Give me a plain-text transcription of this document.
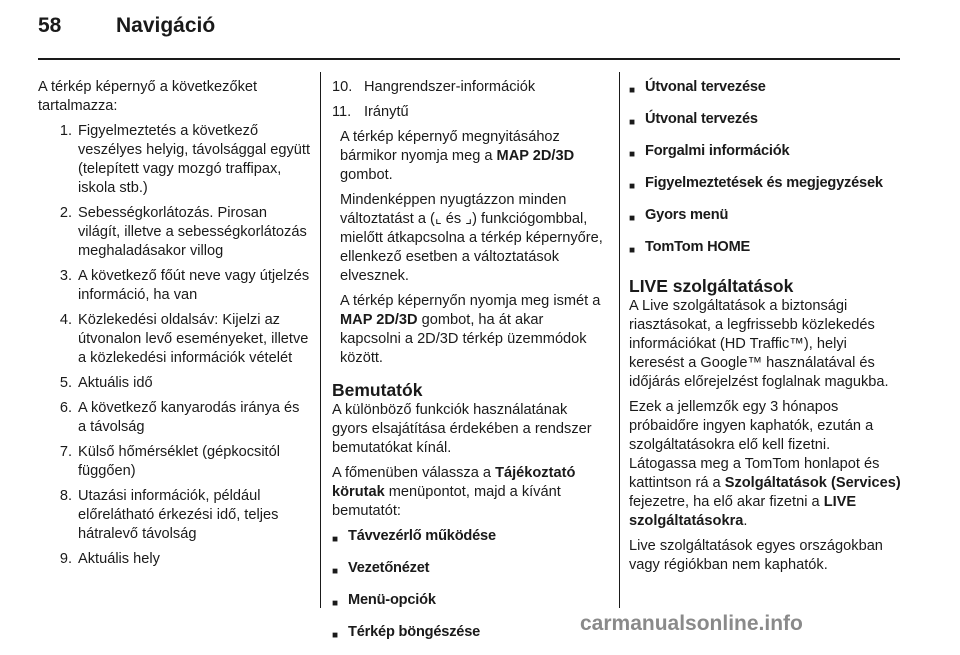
58	Navigáció

A térkép képernyő a következőket tartalmazza:

1. Figyelmeztetés a következő veszélyes helyig, távolsággal együtt (telepített vagy mozgó traffipax, iskola stb.)
2. Sebességkorlátozás. Pirosan világít, illetve a sebességkorlátozás meghaladásakor villog
3. A következő főút neve vagy útjelzés információ, ha van
4. Közlekedési oldalsáv: Kijelzi az útvonalon levő eseményeket, illetve a közlekedési információk vételét
5. Aktuális idő
6. A következő kanyarodás iránya és a távolság
7. Külső hőmérséklet (gépkocsitól függően)
8. Utazási információk, például előrelátható érkezési idő, teljes hátralevő távolság
9. Aktuális hely
10. Hangrendszer-információk
11. Iránytű

A térkép képernyő megnyitásához bármikor nyomja meg a MAP 2D/3D gombot.

Mindenképpen nyugtázzon minden változtatást a (⌞ és ⌟) funkciógombbal, mielőtt átkapcsolna a térkép képernyőre, ellenkező esetben a változtatások elvesznek.

A térkép képernyőn nyomja meg ismét a MAP 2D/3D gombot, ha át akar kapcsolni a 2D/3D térkép üzemmódok között.

Bemutatók

A különböző funkciók használatának gyors elsajátítása érdekében a rendszer bemutatókat kínál.

A főmenüben válassza a Tájékoztató körutak menüpontot, majd a kívánt bemutatót:

■ Távvezérlő működése
■ Vezetőnézet
■ Menü-opciók
■ Térkép böngészése
■ Útvonal tervezése
■ Útvonal tervezés
■ Forgalmi információk
■ Figyelmeztetések és megjegyzések
■ Gyors menü
■ TomTom HOME
LIVE szolgáltatások

A Live szolgáltatások a biztonsági riasztásokat, a legfrissebb közlekedés információkat (HD Traffic™), helyi keresést a Google™ használatával és időjárás előrejelzést foglalnak magukba.

Ezek a jellemzők egy 3 hónapos próbaidőre ingyen kaphatók, ezután a szolgáltatásokra elő kell fizetni. Látogassa meg a TomTom honlapot és kattintson rá a Szolgáltatások (Services) fejezetre, ha elő akar fizetni a LIVE szolgáltatásokra.

Live szolgáltatások egyes országokban vagy régiókban nem kaphatók.

carmanualsonline.info
